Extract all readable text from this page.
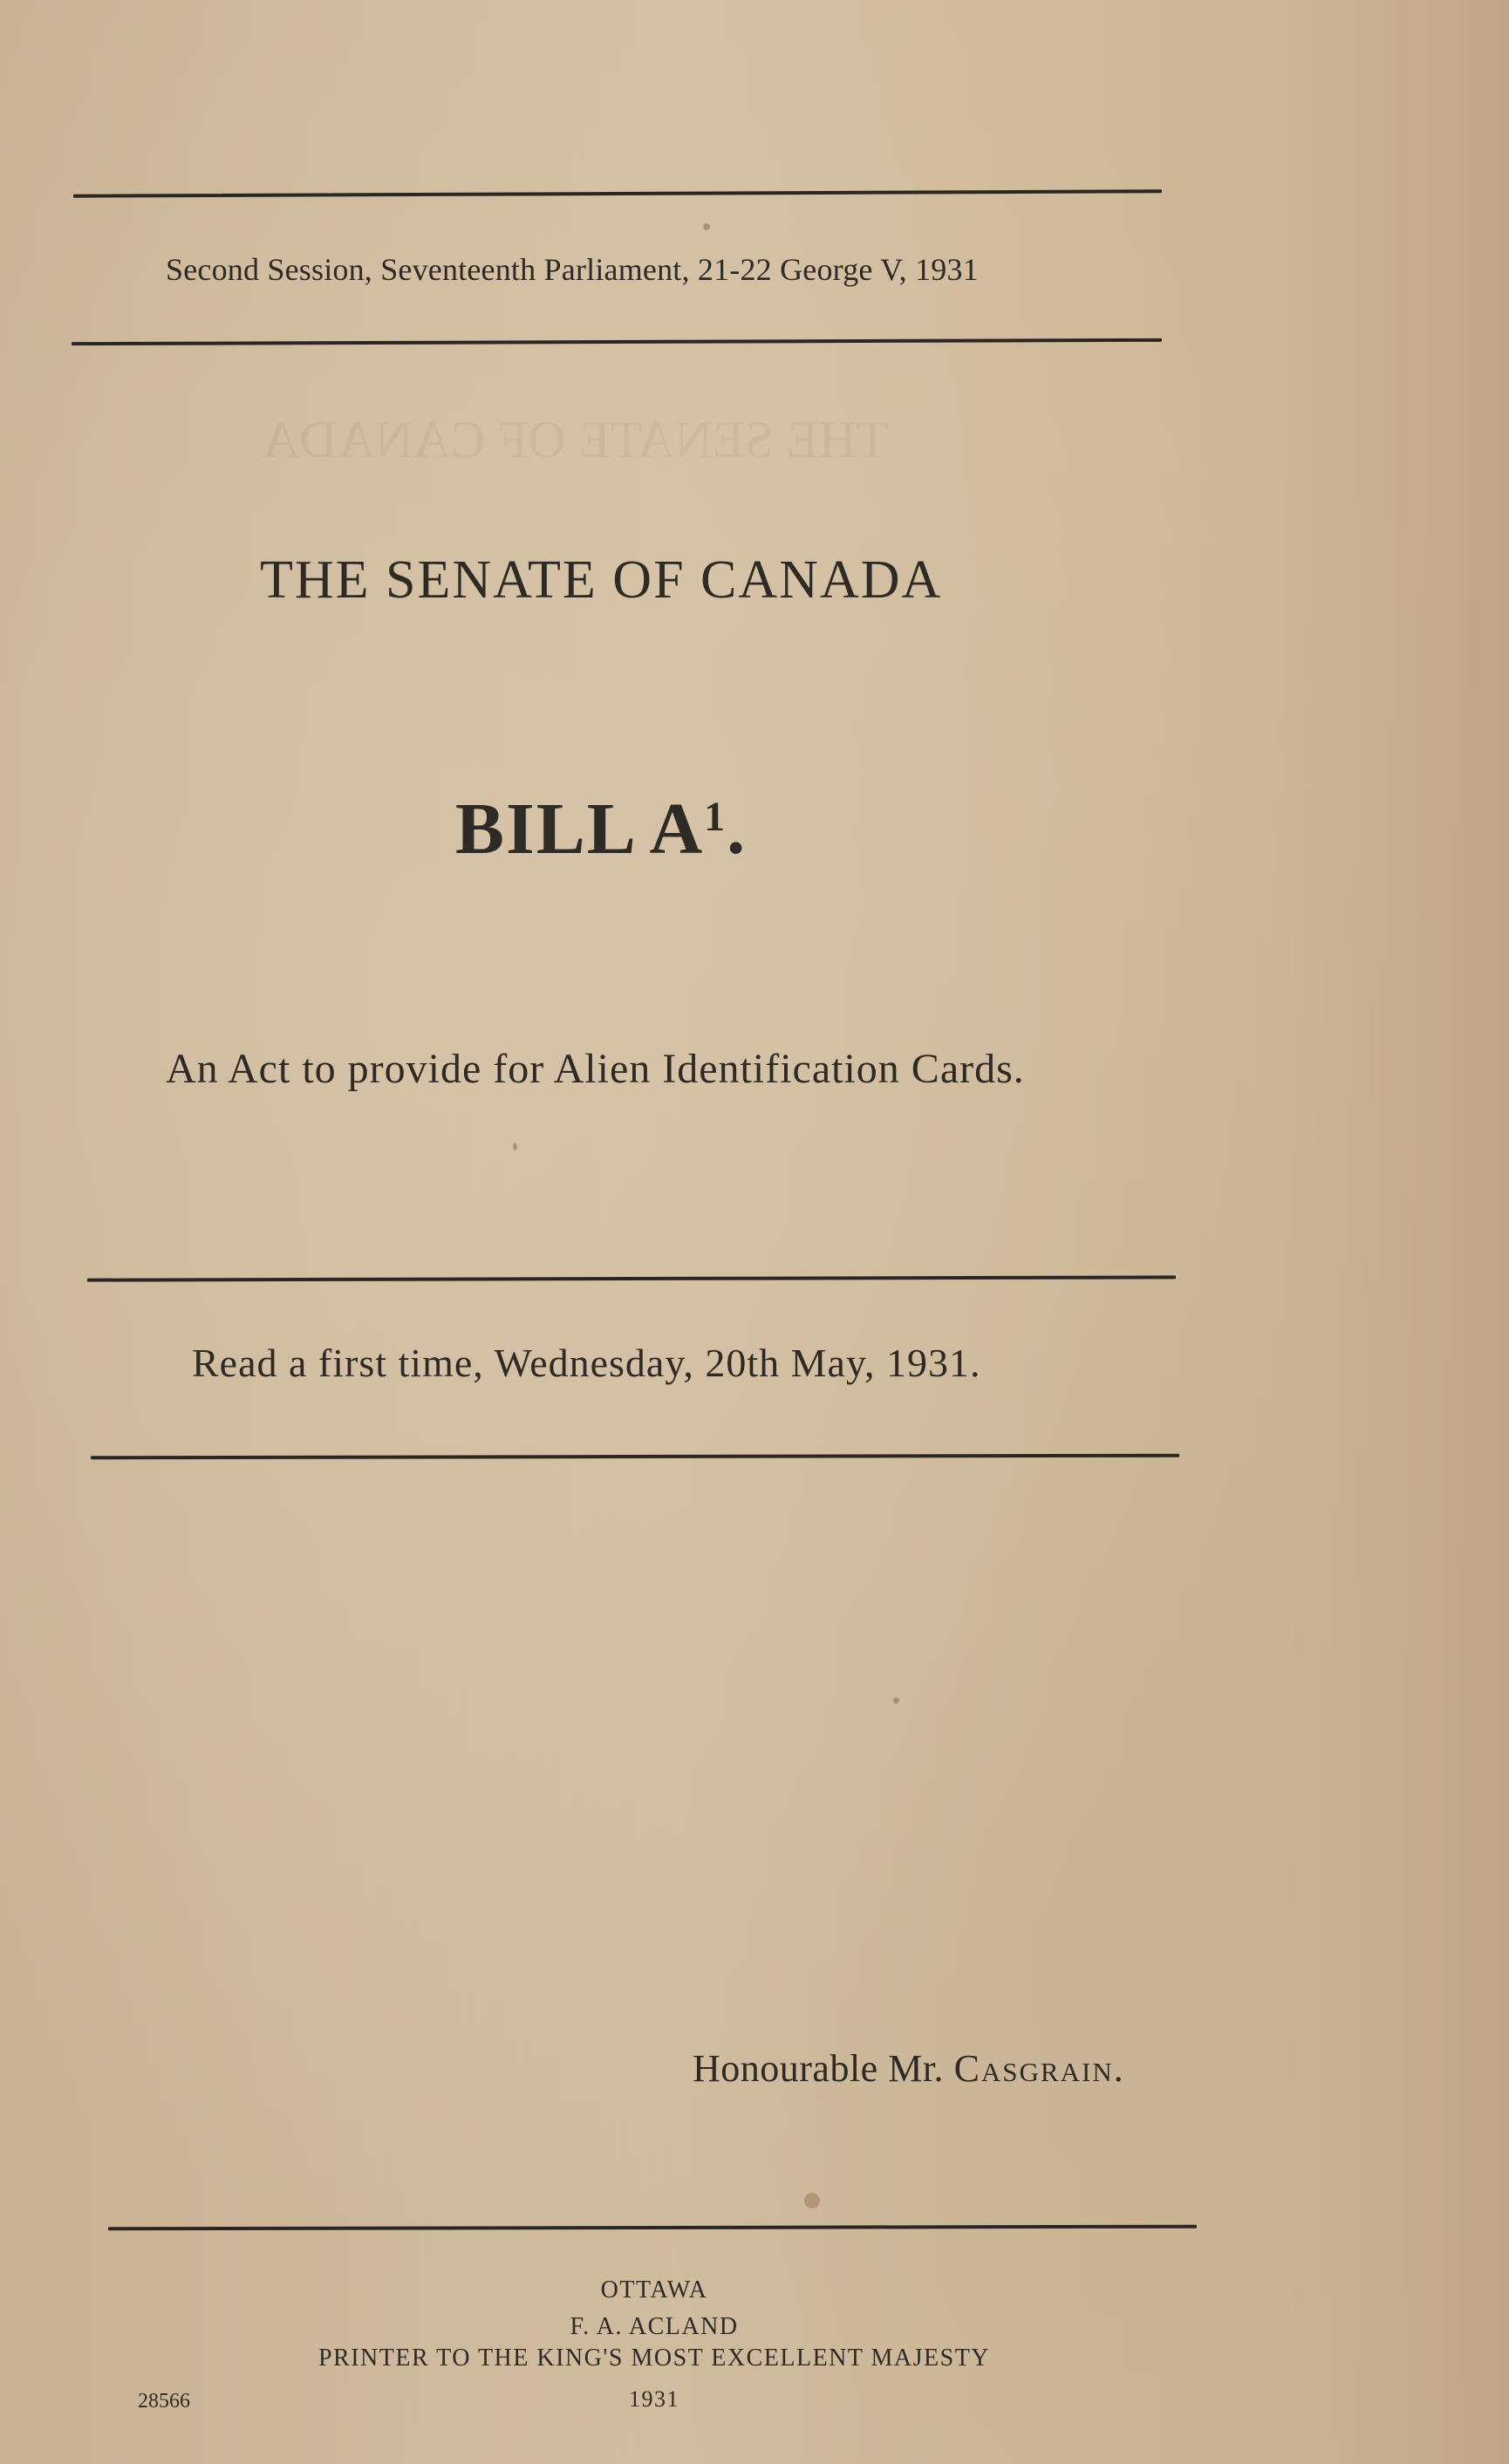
THE SENATE OF CANADA
Second Session, Seventeenth Parliament, 21-22 George V, 1931
THE SENATE OF CANADA
BILL $A^1$.
An Act to provide for Alien Identification Cards.
Read a first time, Wednesday, 20th May, 1931.
Honourable Mr. Casgrain.
OTTAWA
F. A. ACLAND
PRINTER TO THE KING'S MOST EXCELLENT MAJESTY
1931
28566
